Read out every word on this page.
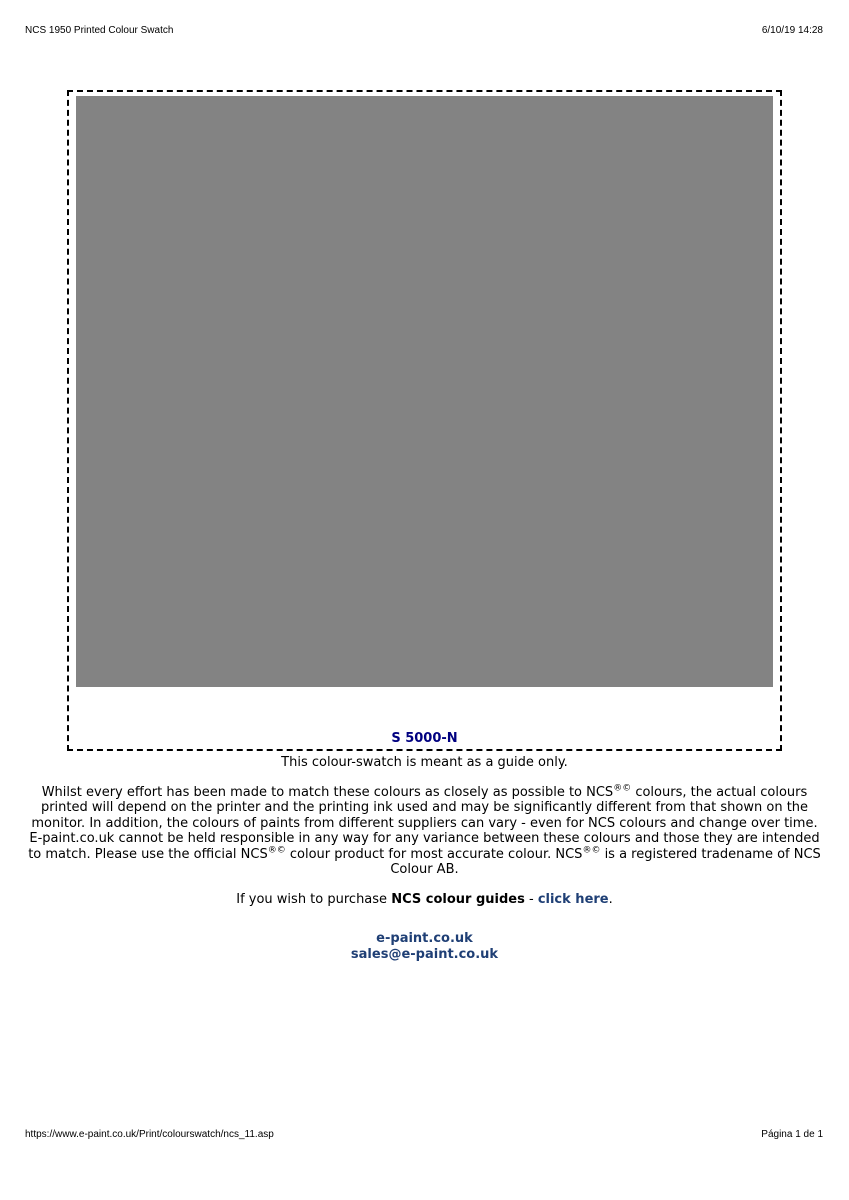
NCS 1950 Printed Colour Swatch	6/10/19 14:28
S 5000-N
This colour-swatch is meant as a guide only.
Whilst every effort has been made to match these colours as closely as possible to NCS®© colours, the actual colours printed will depend on the printer and the printing ink used and may be significantly different from that shown on the monitor. In addition, the colours of paints from different suppliers can vary - even for NCS colours and change over time. E-paint.co.uk cannot be held responsible in any way for any variance between these colours and those they are intended to match. Please use the official NCS®© colour product for most accurate colour. NCS®© is a registered tradename of NCS Colour AB.
If you wish to purchase NCS colour guides - click here.
e-paint.co.uk
sales@e-paint.co.uk
https://www.e-paint.co.uk/Print/colourswatch/ncs_11.asp	Página 1 de 1
